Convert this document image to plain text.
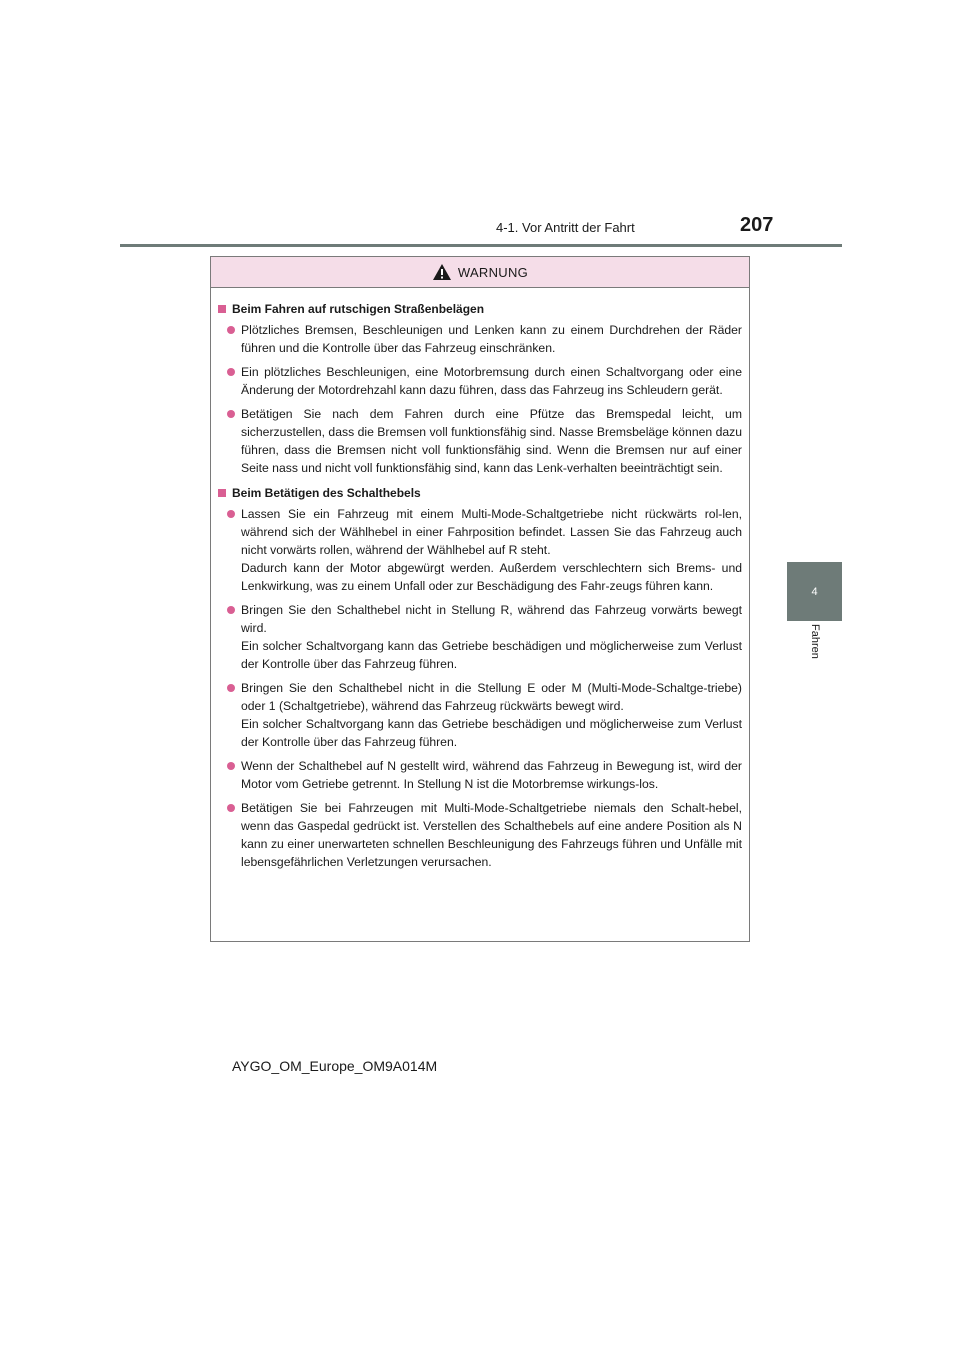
4-1. Vor Antritt der Fahrt	207
4
Fahren
WARNUNG
Beim Fahren auf rutschigen Straßenbelägen
Plötzliches Bremsen, Beschleunigen und Lenken kann zu einem Durchdrehen der Räder führen und die Kontrolle über das Fahrzeug einschränken.
Ein plötzliches Beschleunigen, eine Motorbremsung durch einen Schaltvorgang oder eine Änderung der Motordrehzahl kann dazu führen, dass das Fahrzeug ins Schleudern gerät.
Betätigen Sie nach dem Fahren durch eine Pfütze das Bremspedal leicht, um sicherzustellen, dass die Bremsen voll funktionsfähig sind. Nasse Bremsbeläge können dazu führen, dass die Bremsen nicht voll funktionsfähig sind. Wenn die Bremsen nur auf einer Seite nass und nicht voll funktionsfähig sind, kann das Lenk-verhalten beeinträchtigt sein.
Beim Betätigen des Schalthebels
Lassen Sie ein Fahrzeug mit einem Multi-Mode-Schaltgetriebe nicht rückwärts rol-len, während sich der Wählhebel in einer Fahrposition befindet. Lassen Sie das Fahrzeug auch nicht vorwärts rollen, während der Wählhebel auf R steht.
Dadurch kann der Motor abgewürgt werden. Außerdem verschlechtern sich Brems- und Lenkwirkung, was zu einem Unfall oder zur Beschädigung des Fahr-zeugs führen kann.
Bringen Sie den Schalthebel nicht in Stellung R, während das Fahrzeug vorwärts bewegt wird.
Ein solcher Schaltvorgang kann das Getriebe beschädigen und möglicherweise zum Verlust der Kontrolle über das Fahrzeug führen.
Bringen Sie den Schalthebel nicht in die Stellung E oder M (Multi-Mode-Schaltge-triebe) oder 1 (Schaltgetriebe), während das Fahrzeug rückwärts bewegt wird.
Ein solcher Schaltvorgang kann das Getriebe beschädigen und möglicherweise zum Verlust der Kontrolle über das Fahrzeug führen.
Wenn der Schalthebel auf N gestellt wird, während das Fahrzeug in Bewegung ist, wird der Motor vom Getriebe getrennt. In Stellung N ist die Motorbremse wirkungs-los.
Betätigen Sie bei Fahrzeugen mit Multi-Mode-Schaltgetriebe niemals den Schalt-hebel, wenn das Gaspedal gedrückt ist. Verstellen des Schalthebels auf eine andere Position als N kann zu einer unerwarteten schnellen Beschleunigung des Fahrzeugs führen und Unfälle mit lebensgefährlichen Verletzungen verursachen.
AYGO_OM_Europe_OM9A014M
